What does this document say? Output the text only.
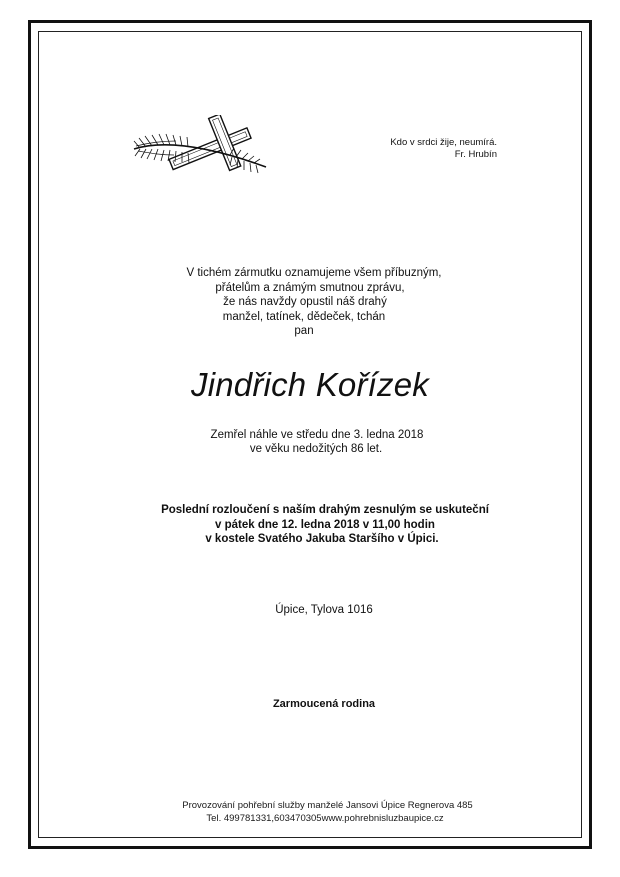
Kdo v srdci žije, neumírá.
Fr. Hrubín
V tichém zármutku oznamujeme všem příbuzným,
přátelům a známým smutnou zprávu,
že nás navždy opustil náš drahý
manžel, tatínek, dědeček, tchán
pan
Jindřich Kořízek
Zemřel náhle ve středu dne 3. ledna 2018
ve věku nedožitých 86 let.
Poslední rozloučení s naším drahým zesnulým se uskuteční
v pátek dne 12. ledna 2018 v 11,00 hodin
v kostele Svatého Jakuba Staršího v Úpici.
Úpice, Tylova 1016
Zarmoucená rodina
Provozování pohřební služby manželé Jansovi Úpice Regnerova 485
Tel. 499781331,603470305www.pohrebnisluzbaupice.cz
